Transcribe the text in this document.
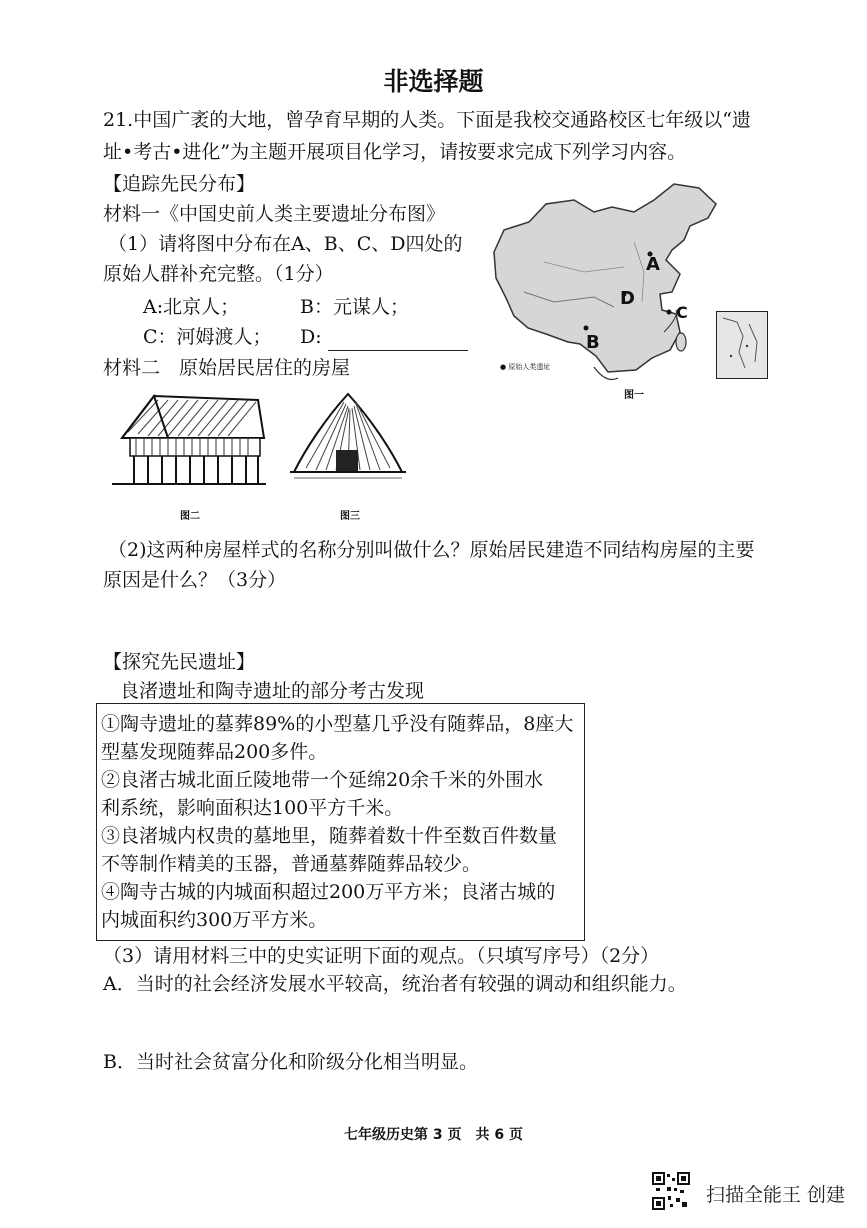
非选择题
21.中国广袤的大地，曾孕育早期的人类。下面是我校交通路校区七年级以“遗
址•考古•进化”为主题开展项目化学习，请按要求完成下列学习内容。
【追踪先民分布】
材料一《中国史前人类主要遗址分布图》
（1）请将图中分布在A、B、C、D四处的
原始人群补充完整。（1分）
A:北京人；	B：元谋人；
C：河姆渡人； D:
材料二　原始居民居住的房屋
A
B
C
D
● 原始人类遗址
图一
图二	图三
（2)这两种房屋样式的名称分别叫做什么？原始居民建造不同结构房屋的主要
原因是什么？（3分）
【探究先民遗址】
良渚遗址和陶寺遗址的部分考古发现
①陶寺遗址的墓葬89%的小型墓几乎没有随葬品，8座大
型墓发现随葬品200多件。
②良渚古城北面丘陵地带一个延绵20余千米的外围水
利系统，影响面积达100平方千米。
③良渚城内权贵的墓地里，随葬着数十件至数百件数量
不等制作精美的玉器，普通墓葬随葬品较少。
④陶寺古城的内城面积超过200万平方米；良渚古城的
内城面积约300万平方米。
（3）请用材料三中的史实证明下面的观点。（只填写序号）（2分）
A．当时的社会经济发展水平较高，统治者有较强的调动和组织能力。
B．当时社会贫富分化和阶级分化相当明显。
七年级历史第 3 页　共 6 页
扫描全能王 创建
